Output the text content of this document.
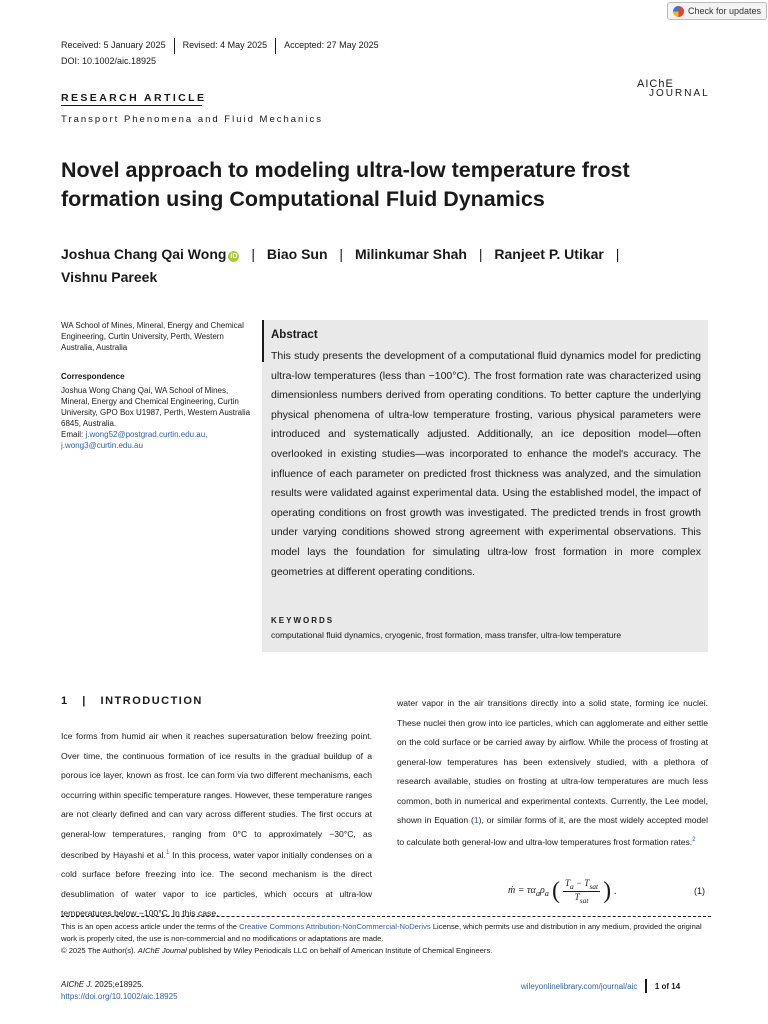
Check for updates
Received: 5 January 2025	Revised: 4 May 2025	Accepted: 27 May 2025
DOI: 10.1002/aic.18925
AIChE
JOURNAL
RESEARCH ARTICLE
Transport Phenomena and Fluid Mechanics
Novel approach to modeling ultra-low temperature frost formation using Computational Fluid Dynamics
Joshua Chang Qai Wong iD | Biao Sun | Milinkumar Shah | Ranjeet P. Utikar |
Vishnu Pareek
WA School of Mines, Mineral, Energy and Chemical Engineering, Curtin University, Perth, Western Australia, Australia
Correspondence
Joshua Wong Chang Qai, WA School of Mines, Mineral, Energy and Chemical Engineering, Curtin University, GPO Box U1987, Perth, Western Australia 6845, Australia.
Email: j.wong52@postgrad.curtin.edu.au,
j.wong3@curtin.edu.au
Abstract

This study presents the development of a computational fluid dynamics model for predicting ultra-low temperatures (less than −100°C). The frost formation rate was characterized using dimensionless numbers derived from operating conditions. To better capture the underlying physical phenomena of ultra-low temperature frosting, various physical parameters were introduced and systematically adjusted. Additionally, an ice deposition model—often overlooked in existing studies—was incorporated to enhance the model's accuracy. The influence of each parameter on predicted frost thickness was analyzed, and the simulation results were validated against experimental data. Using the established model, the impact of operating conditions on frost growth was investigated. The predicted trends in frost growth under varying conditions showed strong agreement with experimental observations. This model lays the foundation for simulating ultra-low frost formation in more complex geometries at different operating conditions.

KEYWORDS
computational fluid dynamics, cryogenic, frost formation, mass transfer, ultra-low temperature
1   |   INTRODUCTION

Ice forms from humid air when it reaches supersaturation below freezing point. Over time, the continuous formation of ice results in the gradual buildup of a porous ice layer, known as frost. Ice can form via two different mechanisms, each occurring within specific temperature ranges. However, these temperature ranges are not clearly defined and can vary across different studies. The first occurs at general-low temperatures, ranging from 0°C to approximately −30°C, as described by Hayashi et al.$^1$ In this process, water vapor initially condenses on a cold surface before freezing into ice. The second mechanism is the direct desublimation of water vapor to ice particles, which occurs at ultra-low temperatures below −100°C. In this case,

water vapor in the air transitions directly into a solid state, forming ice nuclei. These nuclei then grow into ice particles, which can agglomerate and either settle on the cold surface or be carried away by airflow. While the process of frosting at general-low temperatures has been extensively studied, with a plethora of research available, studies on frosting at ultra-low temperatures are much less common, both in numerical and experimental contexts. Currently, the Lee model, shown in Equation (1), or similar forms of it, are the most widely accepted model to calculate both general-low and ultra-low temperatures frost formation rates.$^2$

ṁ = $\tau\alpha_a\rho_a$ ( $\frac{T_a - T_{sat}}{T_{sat}}$ ) .	(1)
This is an open access article under the terms of the Creative Commons Attribution-NonCommercial-NoDerivs License, which permits use and distribution in any medium, provided the original work is properly cited, the use is non-commercial and no modifications or adaptations are made.
© 2025 The Author(s). AIChE Journal published by Wiley Periodicals LLC on behalf of American Institute of Chemical Engineers.
AIChE J. 2025;e18925.
https://doi.org/10.1002/aic.18925
wileyonlinelibrary.com/journal/aic	1 of 14
